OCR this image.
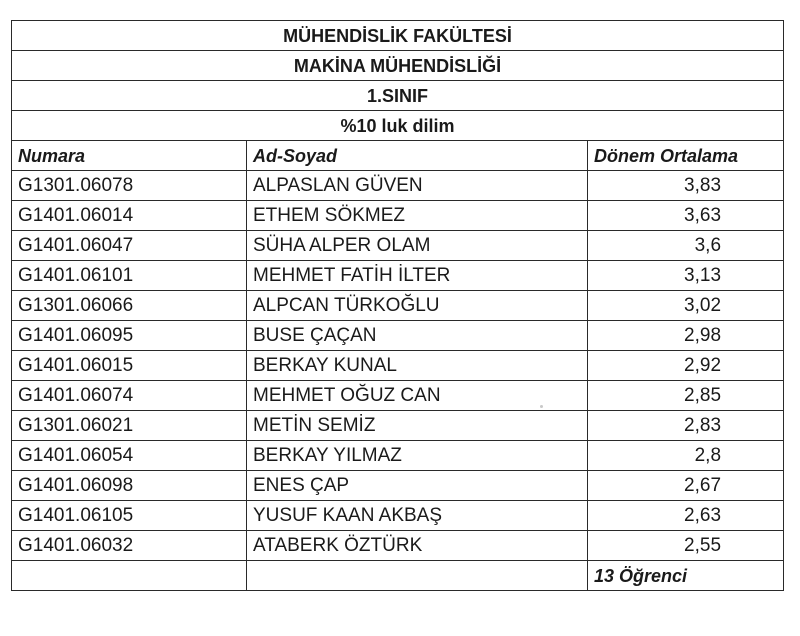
MÜHENDİSLİK FAKÜLTESİ		
MAKİNA MÜHENDİSLİĞİ		
1.SINIF		
%10 luk dilim		
Numara	Ad-Soyad	Dönem Ortalama
G1301.06078	ALPASLAN GÜVEN	3,83
G1401.06014	ETHEM SÖKMEZ	3,63
G1401.06047	SÜHA ALPER OLAM	3,6
G1401.06101	MEHMET FATİH İLTER	3,13
G1301.06066	ALPCAN TÜRKOĞLU	3,02
G1401.06095	BUSE ÇAÇAN	2,98
G1401.06015	BERKAY KUNAL	2,92
G1401.06074	MEHMET OĞUZ CAN	2,85
G1301.06021	METİN SEMİZ	2,83
G1401.06054	BERKAY YILMAZ	2,8
G1401.06098	ENES ÇAP	2,67
G1401.06105	YUSUF KAAN AKBAŞ	2,63
G1401.06032	ATABERK ÖZTÜRK	2,55
		13 Öğrenci
